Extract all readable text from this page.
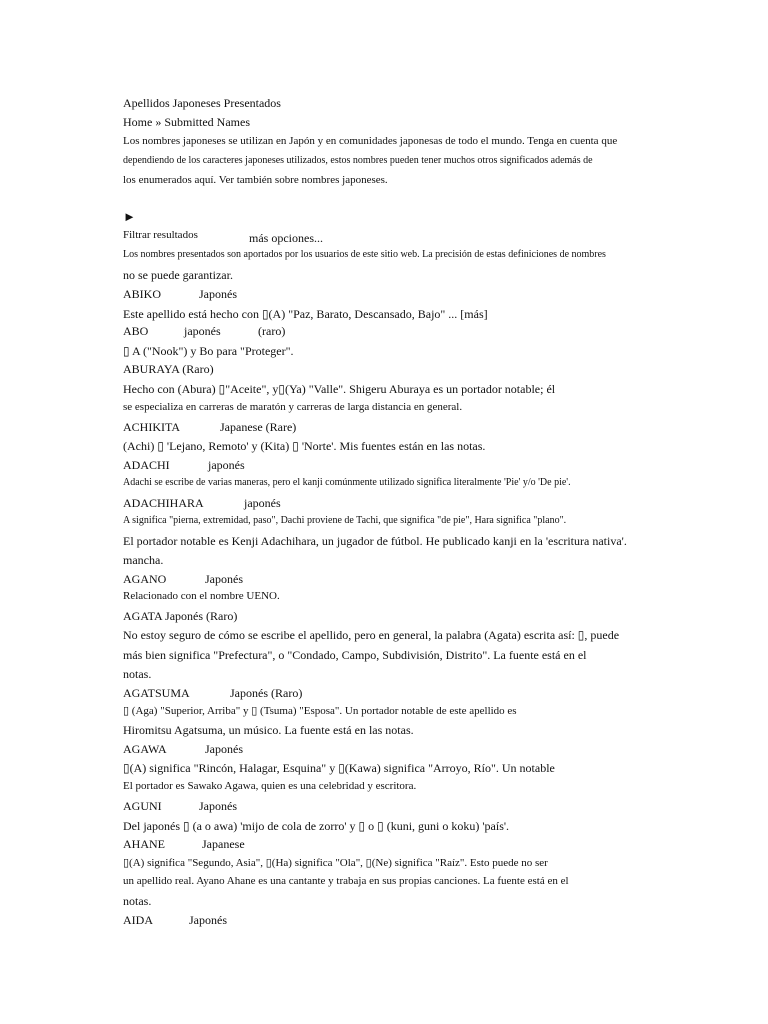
Apellidos Japoneses Presentados
Home » Submitted Names
Los nombres japoneses se utilizan en Japón y en comunidades japonesas de todo el mundo. Tenga en cuenta que
dependiendo de los caracteres japoneses utilizados, estos nombres pueden tener muchos otros significados además de
los enumerados aquí. Ver también sobre nombres japoneses.
►
Filtrar resultados	más opciones...
Los nombres presentados son aportados por los usuarios de este sitio web. La precisión de estas definiciones de nombres
no se puede garantizar.
ABIKO	Japonés
Este apellido está hecho con ▯(A) "Paz, Barato, Descansado, Bajo" ... [más]
ABO	japonés	(raro)
▯ A ("Nook") y Bo para "Proteger".
ABURAYA (Raro)
Hecho con (Abura) ▯"Aceite", y▯(Ya) "Valle". Shigeru Aburaya es un portador notable; él
se especializa en carreras de maratón y carreras de larga distancia en general.
ACHIKITA	Japanese (Rare)
(Achi) ▯ 'Lejano, Remoto' y (Kita) ▯ 'Norte'. Mis fuentes están en las notas.
ADACHI	japonés
Adachi se escribe de varias maneras, pero el kanji comúnmente utilizado significa literalmente 'Pie' y/o 'De pie'.
ADACHIHARA	japonés
A significa "pierna, extremidad, paso", Dachi proviene de Tachi, que significa "de pie", Hara significa "plano".
El portador notable es Kenji Adachihara, un jugador de fútbol. He publicado kanji en la 'escritura nativa'.
mancha.
AGANO	Japonés
Relacionado con el nombre UENO.
AGATA Japonés (Raro)
No estoy seguro de cómo se escribe el apellido, pero en general, la palabra (Agata) escrita así: ▯, puede
más bien significa "Prefectura", o "Condado, Campo, Subdivisión, Distrito". La fuente está en el
notas.
AGATSUMA	Japonés (Raro)
▯ (Aga) "Superior, Arriba" y ▯ (Tsuma) "Esposa". Un portador notable de este apellido es
Hiromitsu Agatsuma, un músico. La fuente está en las notas.
AGAWA	Japonés
▯(A) significa "Rincón, Halagar, Esquina" y ▯(Kawa) significa "Arroyo, Río". Un notable
El portador es Sawako Agawa, quien es una celebridad y escritora.
AGUNI	Japonés
Del japonés ▯ (a o awa) 'mijo de cola de zorro' y ▯ o ▯ (kuni, guni o koku) 'país'.
AHANE	Japanese
▯(A) significa "Segundo, Asia", ▯(Ha) significa "Ola", ▯(Ne) significa "Raíz". Esto puede no ser
un apellido real. Ayano Ahane es una cantante y trabaja en sus propias canciones. La fuente está en el
notas.
AIDA	Japonés
